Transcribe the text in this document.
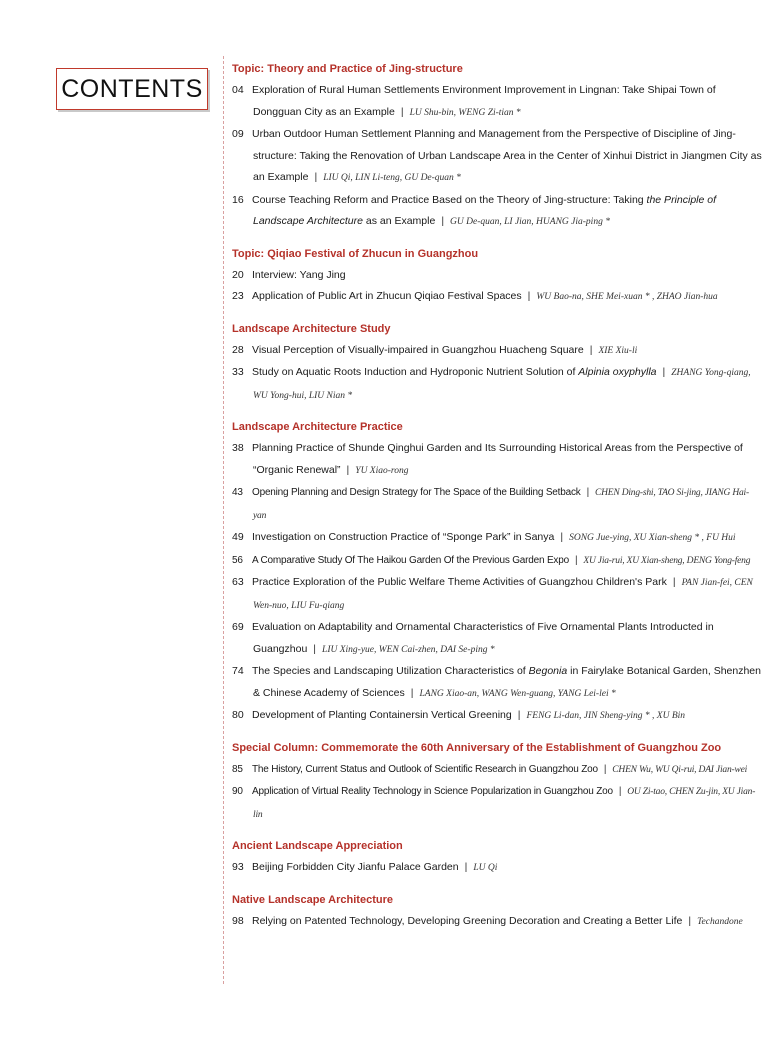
CONTENTS
Topic: Theory and Practice of Jing-structure
04 Exploration of Rural Human Settlements Environment Improvement in Lingnan: Take Shipai Town of Dongguan City as an Example | LU Shu-bin, WENG Zi-tian *
09 Urban Outdoor Human Settlement Planning and Management from the Perspective of Discipline of Jing-structure: Taking the Renovation of Urban Landscape Area in the Center of Xinhui District in Jiangmen City as an Example | LIU Qi, LIN Li-teng, GU De-quan *
16 Course Teaching Reform and Practice Based on the Theory of Jing-structure: Taking the Principle of Landscape Architecture as an Example | GU De-quan, LI Jian, HUANG Jia-ping *
Topic: Qiqiao Festival of Zhucun in Guangzhou
20 Interview: Yang Jing
23 Application of Public Art in Zhucun Qiqiao Festival Spaces | WU Bao-na, SHE Mei-xuan * , ZHAO Jian-hua
Landscape Architecture Study
28 Visual Perception of Visually-impaired in Guangzhou Huacheng Square | XIE Xiu-li
33 Study on Aquatic Roots Induction and Hydroponic Nutrient Solution of Alpinia oxyphylla | ZHANG Yong-qiang, WU Yong-hui, LIU Nian *
Landscape Architecture Practice
38 Planning Practice of Shunde Qinghui Garden and Its Surrounding Historical Areas from the Perspective of “Organic Renewal” | YU Xiao-rong
43 Opening Planning and Design Strategy for The Space of the Building Setback | CHEN Ding-shi, TAO Si-jing, JIANG Hai-yan
49 Investigation on Construction Practice of “Sponge Park” in Sanya | SONG Jue-ying, XU Xian-sheng * , FU Hui
56 A Comparative Study Of The Haikou Garden Of the Previous Garden Expo | XU Jia-rui, XU Xian-sheng, DENG Yong-feng
63 Practice Exploration of the Public Welfare Theme Activities of Guangzhou Children's Park | PAN Jian-fei, CEN Wen-nuo, LIU Fu-qiang
69 Evaluation on Adaptability and Ornamental Characteristics of Five Ornamental Plants Introducted in Guangzhou | LIU Xing-yue, WEN Cai-zhen, DAI Se-ping *
74 The Species and Landscaping Utilization Characteristics of Begonia in Fairylake Botanical Garden, Shenzhen & Chinese Academy of Sciences | LANG Xiao-an, WANG Wen-guang, YANG Lei-lei *
80 Development of Planting Containersin Vertical Greening | FENG Li-dan, JIN Sheng-ying * , XU Bin
Special Column: Commemorate the 60th Anniversary of the Establishment of Guangzhou Zoo
85 The History, Current Status and Outlook of Scientific Research in Guangzhou Zoo | CHEN Wu, WU Qi-rui, DAI Jian-wei
90 Application of Virtual Reality Technology in Science Popularization in Guangzhou Zoo | OU Zi-tao, CHEN Zu-jin, XU Jian-lin
Ancient Landscape Appreciation
93 Beijing Forbidden City Jianfu Palace Garden | LU Qi
Native Landscape Architecture
98 Relying on Patented Technology, Developing Greening Decoration and Creating a Better Life | Techandone
